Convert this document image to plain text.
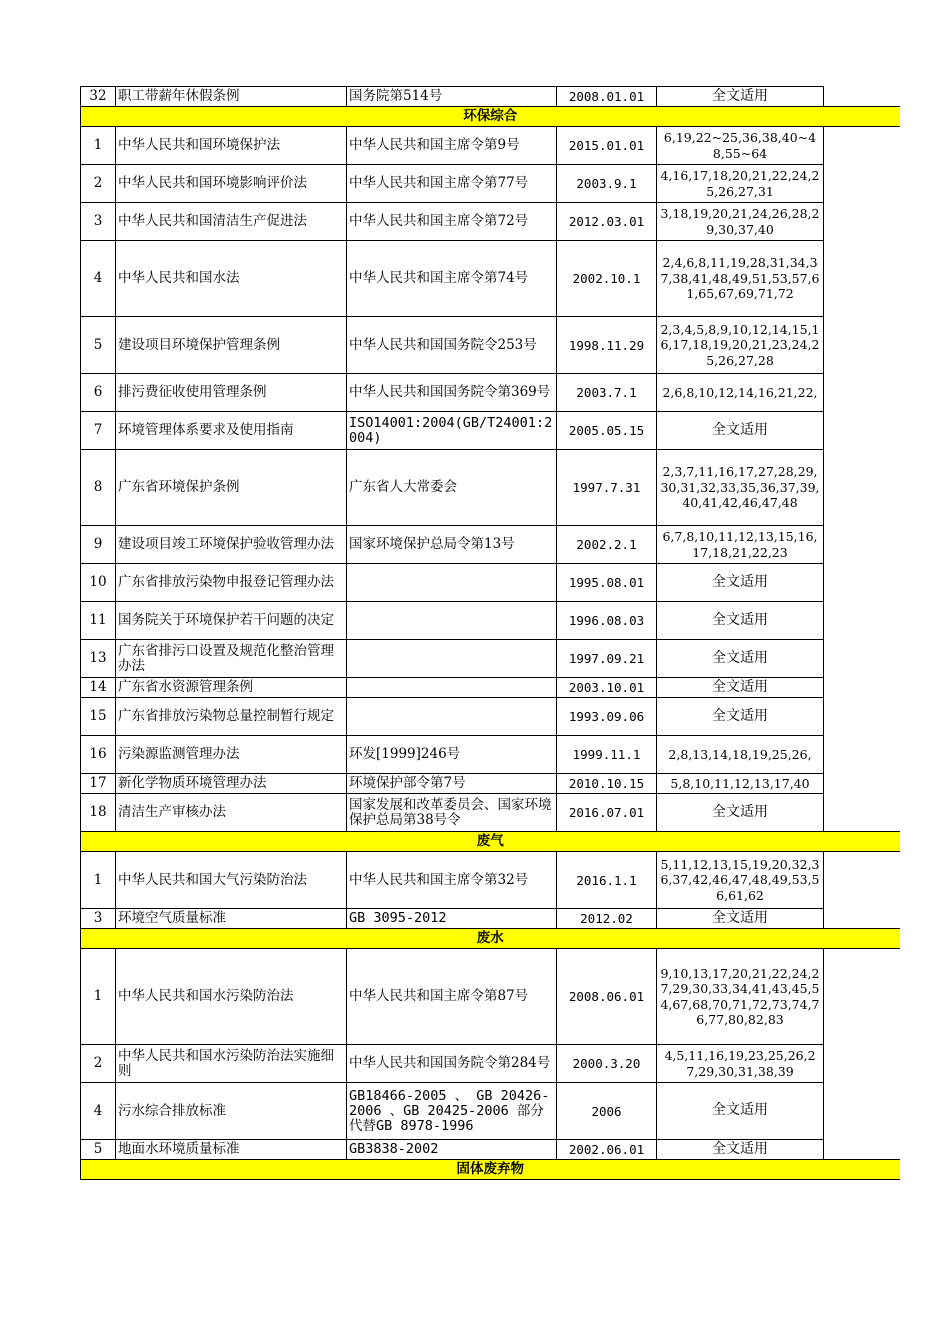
32	职工带薪年休假条例	国务院第514号	2008.01.01	全文适用	
环保综合					
1	中华人民共和国环境保护法	中华人民共和国主席令第9号	2015.01.01	6,19,22~25,36,38,40~48,55~64	
2	中华人民共和国环境影响评价法	中华人民共和国主席令第77号	2003.9.1	4,16,17,18,20,21,22,24,25,26,27,31	
3	中华人民共和国清洁生产促进法	中华人民共和国主席令第72号	2012.03.01	3,18,19,20,21,24,26,28,29,30,37,40	
4	中华人民共和国水法	中华人民共和国主席令第74号	2002.10.1	2,4,6,8,11,19,28,31,34,37,38,41,48,49,51,53,57,61,65,67,69,71,72	
5	建设项目环境保护管理条例	中华人民共和国国务院令253号	1998.11.29	2,3,4,5,8,9,10,12,14,15,16,17,18,19,20,21,23,24,25,26,27,28	
6	排污费征收使用管理条例	中华人民共和国国务院令第369号	2003.7.1	2,6,8,10,12,14,16,21,22,	
7	环境管理体系要求及使用指南	ISO14001:2004(GB/T24001:2004)	2005.05.15	全文适用	
8	广东省环境保护条例	广东省人大常委会	1997.7.31	2,3,7,11,16,17,27,28,29,30,31,32,33,35,36,37,39,40,41,42,46,47,48	
9	建设项目竣工环境保护验收管理办法	国家环境保护总局令第13号	2002.2.1	6,7,8,10,11,12,13,15,16,17,18,21,22,23	
10	广东省排放污染物申报登记管理办法		1995.08.01	全文适用	
11	国务院关于环境保护若干问题的决定		1996.08.03	全文适用	
13	广东省排污口设置及规范化整治管理办法		1997.09.21	全文适用	
14	广东省水资源管理条例		2003.10.01	全文适用	
15	广东省排放污染物总量控制暂行规定		1993.09.06	全文适用	
16	污染源监测管理办法	环发[1999]246号	1999.11.1	2,8,13,14,18,19,25,26,	
17	新化学物质环境管理办法	环境保护部令第7号	2010.10.15	5,8,10,11,12,13,17,40	
18	清洁生产审核办法	国家发展和改革委员会、国家环境保护总局第38号令	2016.07.01	全文适用	
废气					
1	中华人民共和国大气污染防治法	中华人民共和国主席令第32号	2016.1.1	5,11,12,13,15,19,20,32,36,37,42,46,47,48,49,53,56,61,62	
3	环境空气质量标准	GB 3095-2012	2012.02	全文适用	
废水					
1	中华人民共和国水污染防治法	中华人民共和国主席令第87号	2008.06.01	9,10,13,17,20,21,22,24,27,29,30,33,34,41,43,45,54,67,68,70,71,72,73,74,76,77,80,82,83	
2	中华人民共和国水污染防治法实施细则	中华人民共和国国务院令第284号	2000.3.20	4,5,11,16,19,23,25,26,27,29,30,31,38,39	
4	污水综合排放标准	GB18466-2005 、 GB 20426-2006 、GB 20425-2006 部分代替GB 8978-1996	2006	全文适用	
5	地面水环境质量标准	GB3838-2002	2002.06.01	全文适用	
固体废弃物					
